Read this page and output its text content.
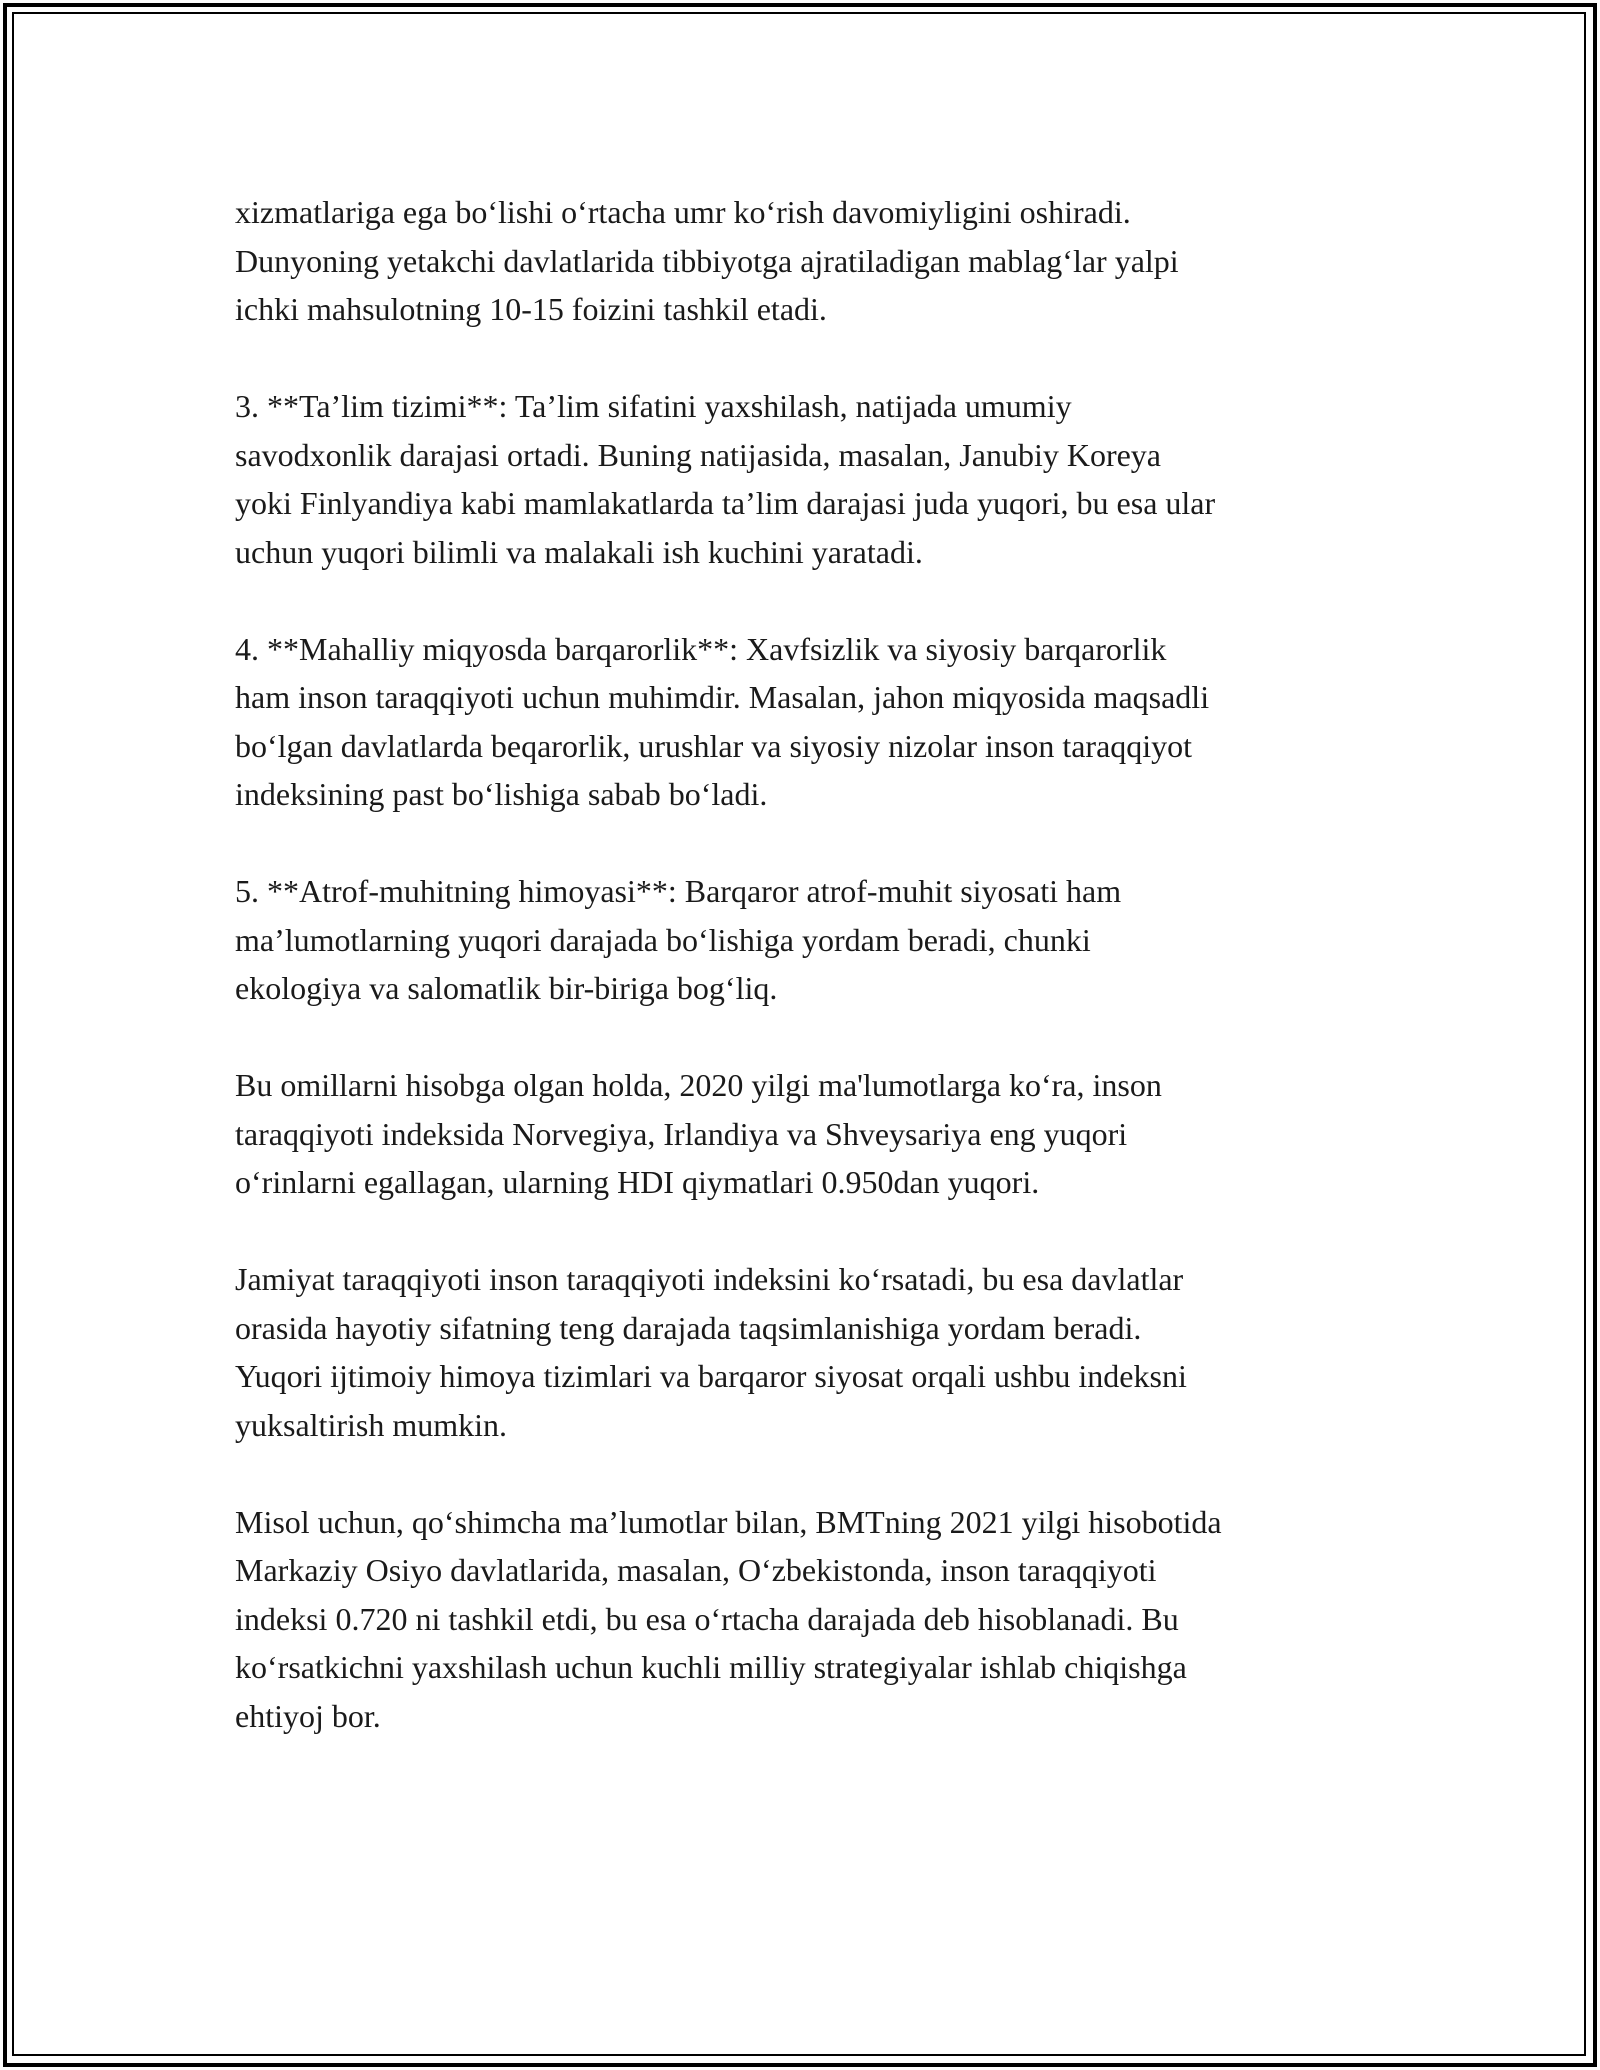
xizmatlariga ega bo‘lishi o‘rtacha umr ko‘rish davomiyligini oshiradi.
Dunyoning yetakchi davlatlarida tibbiyotga ajratiladigan mablag‘lar yalpi
ichki mahsulotning 10-15 foizini tashkil etadi.

3. **Ta’lim tizimi**: Ta’lim sifatini yaxshilash, natijada umumiy
savodxonlik darajasi ortadi. Buning natijasida, masalan, Janubiy Koreya
yoki Finlyandiya kabi mamlakatlarda ta’lim darajasi juda yuqori, bu esa ular
uchun yuqori bilimli va malakali ish kuchini yaratadi.

4. **Mahalliy miqyosda barqarorlik**: Xavfsizlik va siyosiy barqarorlik
ham inson taraqqiyoti uchun muhimdir. Masalan, jahon miqyosida maqsadli
bo‘lgan davlatlarda beqarorlik, urushlar va siyosiy nizolar inson taraqqiyot
indeksining past bo‘lishiga sabab bo‘ladi.

5. **Atrof-muhitning himoyasi**: Barqaror atrof-muhit siyosati ham
ma’lumotlarning yuqori darajada bo‘lishiga yordam beradi, chunki
ekologiya va salomatlik bir-biriga bog‘liq.

Bu omillarni hisobga olgan holda, 2020 yilgi ma'lumotlarga ko‘ra, inson
taraqqiyoti indeksida Norvegiya, Irlandiya va Shveysariya eng yuqori
o‘rinlarni egallagan, ularning HDI qiymatlari 0.950dan yuqori.

Jamiyat taraqqiyoti inson taraqqiyoti indeksini ko‘rsatadi, bu esa davlatlar
orasida hayotiy sifatning teng darajada taqsimlanishiga yordam beradi.
Yuqori ijtimoiy himoya tizimlari va barqaror siyosat orqali ushbu indeksni
yuksaltirish mumkin.

Misol uchun, qo‘shimcha ma’lumotlar bilan, BMTning 2021 yilgi hisobotida
Markaziy Osiyo davlatlarida, masalan, O‘zbekistonda, inson taraqqiyoti
indeksi 0.720 ni tashkil etdi, bu esa o‘rtacha darajada deb hisoblanadi. Bu
ko‘rsatkichni yaxshilash uchun kuchli milliy strategiyalar ishlab chiqishga
ehtiyoj bor.
